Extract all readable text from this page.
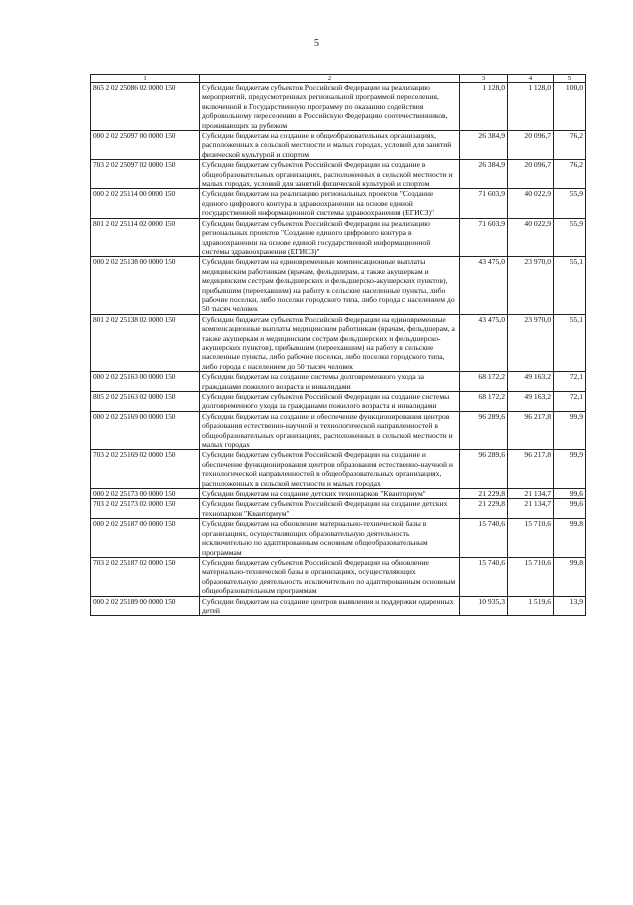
5
1	2	3	4	5
865 2 02 25086 02 0000 150	Субсидии бюджетам субъектов Российской Федерации на реализацию мероприятий, предусмотренных региональной программой переселения, включенной в Государственную программу по оказанию содействия добровольному переселению в Российскую Федерацию соотечественников, проживающих за рубежом	1 128,0	1 128,0	100,0
000 2 02 25097 00 0000 150	Субсидии бюджетам на создание в общеобразовательных организациях, расположенных в сельской местности и малых городах, условий для занятий физической культурой и спортом	26 384,9	20 096,7	76,2
703 2 02 25097 02 0000 150	Субсидии бюджетам субъектов Российской Федерации на создание в общеобразовательных организациях, расположенных в сельской местности и малых городах, условий для занятий физической культурой и спортом	26 384,9	20 096,7	76,2
000 2 02 25114 00 0000 150	Субсидии бюджетам на реализацию региональных проектов "Создание единого цифрового контура в здравоохранении на основе единой государственной информационной системы здравоохранения (ЕГИСЗ)"	71 603,9	40 022,9	55,9
801 2 02 25114 02 0000 150	Субсидии бюджетам субъектов Российской Федерации на реализацию региональных проектов "Создание единого цифрового контура в здравоохранении на основе единой государственной информационной системы здравоохранения (ЕГИСЗ)"	71 603,9	40 022,9	55,9
000 2 02 25138 00 0000 150	Субсидии бюджетам на единовременные компенсационные выплаты медицинским работникам (врачам, фельдшерам, а также акушеркам и медицинским сестрам фельдшерских и фельдшерско-акушерских пунктов), прибывшим (переехавшим) на работу в сельские населенные пункты, либо рабочие поселки, либо поселки городского типа, либо города с населением до 50 тысяч человек	43 475,0	23 970,0	55,1
801 2 02 25138 02 0000 150	Субсидии бюджетам субъектов Российской Федерации на единовременные компенсационные выплаты медицинским работникам (врачам, фельдшерам, а также акушеркам и медицинским сестрам фельдшерских и фельдшерско-акушерских пунктов), прибывшим (переехавшим) на работу в сельские населенные пункты, либо рабочие поселки, либо поселки городского типа, либо города с населением до 50 тысяч человек	43 475,0	23 970,0	55,1
000 2 02 25163 00 0000 150	Субсидии бюджетам на создание системы долговременного ухода за гражданами пожилого возраста и инвалидами	68 172,2	49 163,2	72,1
805 2 02 25163 02 0000 150	Субсидии бюджетам субъектов Российской Федерации на создание системы долговременного ухода за гражданами пожилого возраста и инвалидами	68 172,2	49 163,2	72,1
000 2 02 25169 00 0000 150	Субсидии бюджетам на создание и обеспечение функционирования центров образования естественно-научной и технологической направленностей в общеобразовательных организациях, расположенных в сельской местности и малых городах	96 289,6	96 217,8	99,9
703 2 02 25169 02 0000 150	Субсидии бюджетам субъектов Российской Федерации на создание и обеспечение функционирования центров образования естественно-научной и технологической направленностей в общеобразовательных организациях, расположенных в сельской местности и малых городах	96 289,6	96 217,8	99,9
000 2 02 25173 00 0000 150	Субсидии бюджетам на создание детских технопарков "Кванториум"	21 229,8	21 134,7	99,6
703 2 02 25173 02 0000 150	Субсидии бюджетам субъектов Российской Федерации на создание детских технопарков "Кванториум"	21 229,8	21 134,7	99,6
000 2 02 25187 00 0000 150	Субсидии бюджетам на обновление материально-технической базы в организациях, осуществляющих образовательную деятельность исключительно по адаптированным основным общеобразовательным программам	15 740,6	15 710,6	99,8
703 2 02 25187 02 0000 150	Субсидии бюджетам субъектов Российской Федерации на обновление материально-технической базы в организациях, осуществляющих образовательную деятельность исключительно по адаптированным основным общеобразовательным программам	15 740,6	15 710,6	99,8
000 2 02 25189 00 0000 150	Субсидии бюджетам на создание центров выявления и поддержки одаренных детей	10 935,3	1 519,6	13,9
